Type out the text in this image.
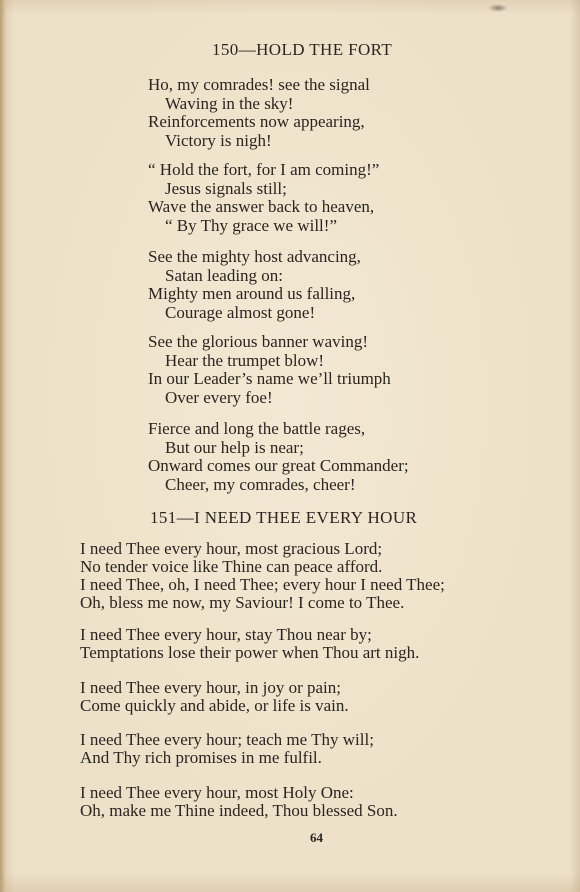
150—HOLD THE FORT
Ho, my comrades! see the signal
Waving in the sky!
Reinforcements now appearing,
Victory is nigh!
“ Hold the fort, for I am coming!”
Jesus signals still;
Wave the answer back to heaven,
“ By Thy grace we will!”
See the mighty host advancing,
Satan leading on:
Mighty men around us falling,
Courage almost gone!
See the glorious banner waving!
Hear the trumpet blow!
In our Leader’s name we’ll triumph
Over every foe!
Fierce and long the battle rages,
But our help is near;
Onward comes our great Commander;
Cheer, my comrades, cheer!
151—I NEED THEE EVERY HOUR
I need Thee every hour, most gracious Lord;
No tender voice like Thine can peace afford.
I need Thee, oh, I need Thee; every hour I need Thee;
Oh, bless me now, my Saviour! I come to Thee.
I need Thee every hour, stay Thou near by;
Temptations lose their power when Thou art nigh.
I need Thee every hour, in joy or pain;
Come quickly and abide, or life is vain.
I need Thee every hour; teach me Thy will;
And Thy rich promises in me fulfil.
I need Thee every hour, most Holy One:
Oh, make me Thine indeed, Thou blessed Son.
64
